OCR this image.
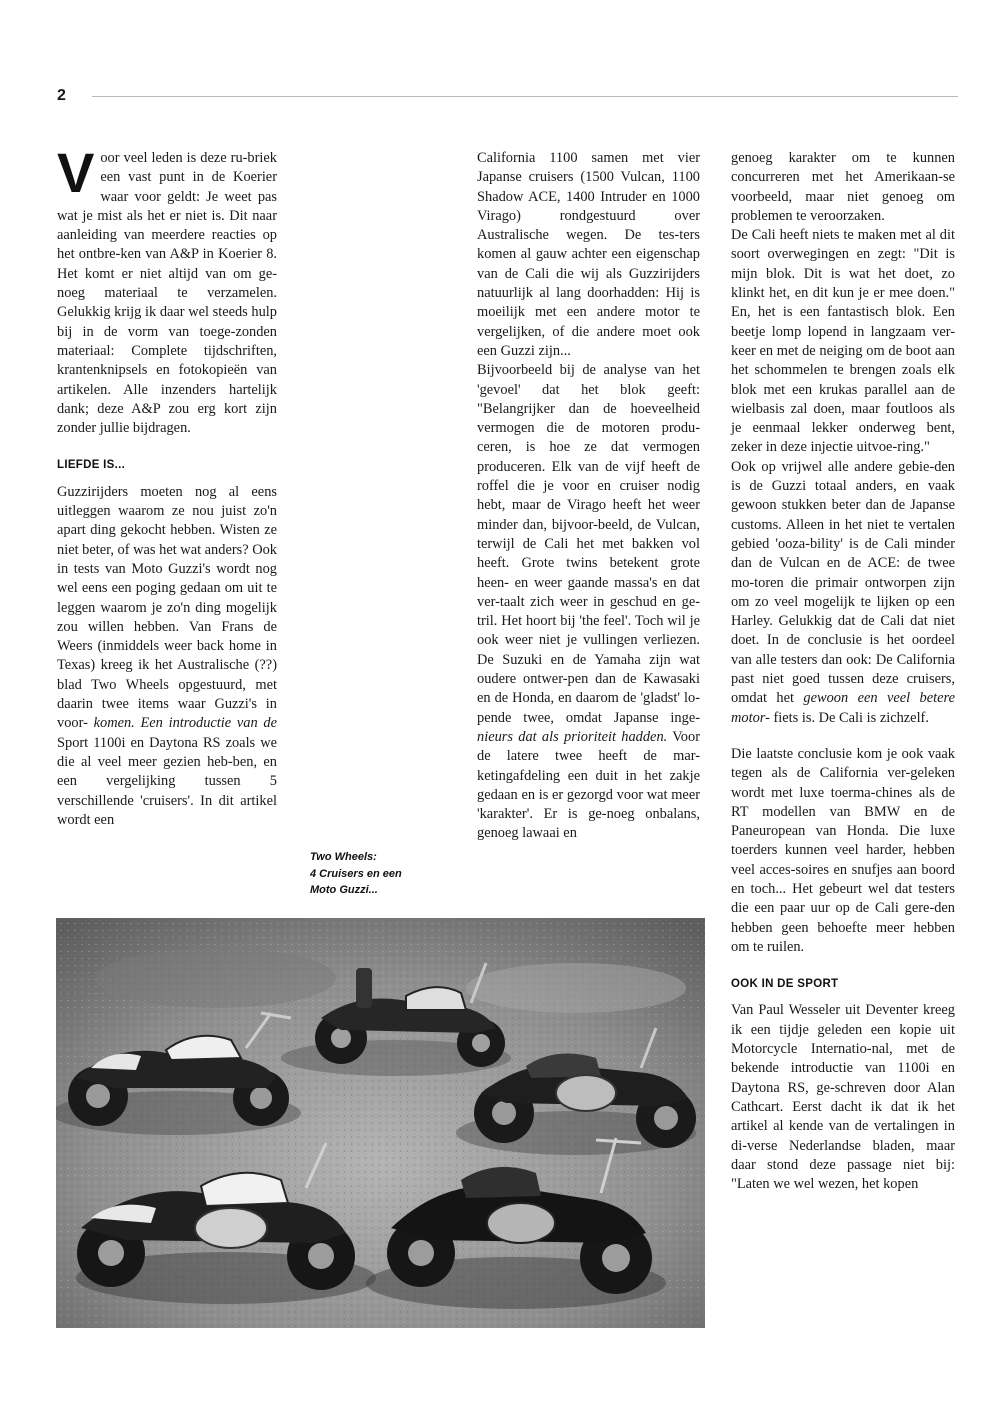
2

Voor veel leden is deze ru-briek een vast punt in de Koerier waar voor geldt: Je weet pas wat je mist als het er niet is. Dit naar aanleiding van meerdere reacties op het ontbre-ken van A&P in Koerier 8. Het komt er niet altijd van om ge-noeg materiaal te verzamelen. Gelukkig krijg ik daar wel steeds hulp bij in de vorm van toege-zonden materiaal: Complete tijdschriften, krantenknipsels en fotokopieën van artikelen. Alle inzenders hartelijk dank; deze A&P zou erg kort zijn zonder jullie bijdragen.

LIEFDE IS...

Guzzirijders moeten nog al eens uitleggen waarom ze nou juist zo'n apart ding gekocht hebben. Wisten ze niet beter, of was het wat anders? Ook in tests van Moto Guzzi's wordt nog wel eens een poging gedaan om uit te leggen waarom je zo'n ding mogelijk zou willen hebben. Van Frans de Weers (inmiddels weer back home in Texas) kreeg ik het Australische (??) blad Two Wheels opgestuurd, met daarin twee items waar Guzzi's in voor- komen. Een introductie van de Sport 1100i en Daytona RS zoals we die al veel meer gezien heb-ben, en een vergelijking tussen 5 verschillende 'cruisers'. In dit artikel wordt een

Two Wheels:
4 Cruisers en een
Moto Guzzi...

California 1100 samen met vier Japanse cruisers (1500 Vulcan, 1100 Shadow ACE, 1400 Intruder en 1000 Virago) rondgestuurd over Australische wegen. De tes-ters komen al gauw achter een eigenschap van de Cali die wij als Guzzirijders natuurlijk al lang doorhadden: Hij is moeilijk met een andere motor te vergelijken, of die andere moet ook een Guzzi zijn...

Bijvoorbeeld bij de analyse van het 'gevoel' dat het blok geeft: "Belangrijker dan de hoeveelheid vermogen die de motoren produ-ceren, is hoe ze dat vermogen produceren. Elk van de vijf heeft de roffel die je voor en cruiser nodig hebt, maar de Virago heeft het weer minder dan, bijvoor-beeld, de Vulcan, terwijl de Cali het met bakken vol heeft. Grote twins betekent grote heen- en weer gaande massa's en dat ver-taalt zich weer in geschud en ge-tril. Het hoort bij 'the feel'. Toch wil je ook weer niet je vullingen verliezen. De Suzuki en de Yamaha zijn wat oudere ontwer-pen dan de Kawasaki en de Honda, en daarom de 'gladst' lo-pende twee, omdat Japanse inge- nieurs dat als prioriteit hadden. Voor de latere twee heeft de mar-ketingafdeling een duit in het zakje gedaan en is er gezorgd voor wat meer 'karakter'. Er is ge-noeg onbalans, genoeg lawaai en

genoeg karakter om te kunnen concurreren met het Amerikaan-se voorbeeld, maar niet genoeg om problemen te veroorzaken.

De Cali heeft niets te maken met al dit soort overwegingen en zegt: "Dit is mijn blok. Dit is wat het doet, zo klinkt het, en dit kun je er mee doen." En, het is een fantastisch blok. Een beetje lomp lopend in langzaam ver-keer en met de neiging om de boot aan het schommelen te brengen zoals elk blok met een krukas parallel aan de wielbasis zal doen, maar foutloos als je eenmaal lekker onderweg bent, zeker in deze injectie uitvoe-ring."

Ook op vrijwel alle andere gebie-den is de Guzzi totaal anders, en vaak gewoon stukken beter dan de Japanse customs. Alleen in het niet te vertalen gebied 'ooza-bility' is de Cali minder dan de Vulcan en de ACE: de twee mo-toren die primair ontworpen zijn om zo veel mogelijk te lijken op een Harley. Gelukkig dat de Cali dat niet doet. In de conclusie is het oordeel van alle testers dan ook: De California past niet goed tussen deze cruisers, omdat het gewoon een veel betere motor- fiets is. De Cali is zichzelf.

Die laatste conclusie kom je ook vaak tegen als de California ver-geleken wordt met luxe toerma-chines als de RT modellen van BMW en de Paneuropean van Honda. Die luxe toerders kunnen veel harder, hebben veel acces-soires en snufjes aan boord en toch... Het gebeurt wel dat testers die een paar uur op de Cali gere-den hebben geen behoefte meer hebben om te ruilen.

OOK IN DE SPORT

Van Paul Wesseler uit Deventer kreeg ik een tijdje geleden een kopie uit Motorcycle Internatio-nal, met de bekende introductie van 1100i en Daytona RS, ge-schreven door Alan Cathcart. Eerst dacht ik dat ik het artikel al kende van de vertalingen in di-verse Nederlandse bladen, maar daar stond deze passage niet bij: "Laten we wel wezen, het kopen
